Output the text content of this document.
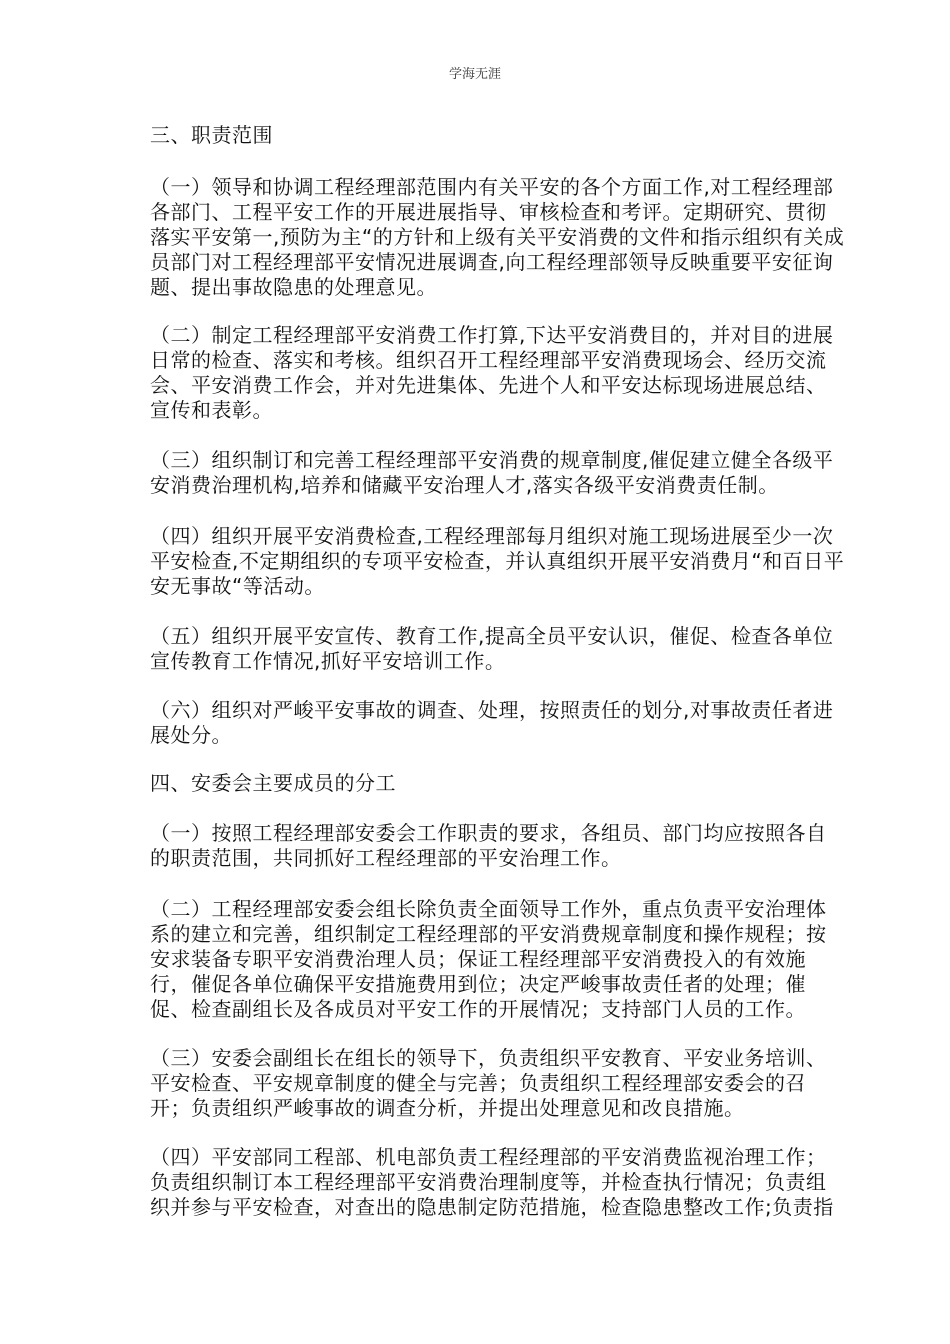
学海无涯
三、职责范围
（一）领导和协调工程经理部范围内有关平安的各个方面工作,对工程经理部
各部门、工程平安工作的开展进展指导、审核检查和考评。定期研究、贯彻
落实平安第一,预防为主“的方针和上级有关平安消费的文件和指示组织有关成
员部门对工程经理部平安情况进展调查,向工程经理部领导反映重要平安征询
题、提出事故隐患的处理意见。
（二）制定工程经理部平安消费工作打算,下达平安消费目的，并对目的进展
日常的检查、落实和考核。组织召开工程经理部平安消费现场会、经历交流
会、平安消费工作会，并对先进集体、先进个人和平安达标现场进展总结、
宣传和表彰。
（三）组织制订和完善工程经理部平安消费的规章制度,催促建立健全各级平
安消费治理机构,培养和储藏平安治理人才,落实各级平安消费责任制。
（四）组织开展平安消费检查,工程经理部每月组织对施工现场进展至少一次
平安检查,不定期组织的专项平安检查，并认真组织开展平安消费月“和百日平
安无事故“等活动。
（五）组织开展平安宣传、教育工作,提高全员平安认识，催促、检查各单位
宣传教育工作情况,抓好平安培训工作。
（六）组织对严峻平安事故的调查、处理，按照责任的划分,对事故责任者进
展处分。
四、安委会主要成员的分工
（一）按照工程经理部安委会工作职责的要求，各组员、部门均应按照各自
的职责范围，共同抓好工程经理部的平安治理工作。
（二）工程经理部安委会组长除负责全面领导工作外，重点负责平安治理体
系的建立和完善，组织制定工程经理部的平安消费规章制度和操作规程；按
安求装备专职平安消费治理人员；保证工程经理部平安消费投入的有效施
行，催促各单位确保平安措施费用到位；决定严峻事故责任者的处理；催
促、检查副组长及各成员对平安工作的开展情况；支持部门人员的工作。
（三）安委会副组长在组长的领导下，负责组织平安教育、平安业务培训、
平安检查、平安规章制度的健全与完善；负责组织工程经理部安委会的召
开；负责组织严峻事故的调查分析，并提出处理意见和改良措施。
（四）平安部同工程部、机电部负责工程经理部的平安消费监视治理工作；
负责组织制订本工程经理部平安消费治理制度等，并检查执行情况；负责组
织并参与平安检查，对查出的隐患制定防范措施，检查隐患整改工作;负责指
